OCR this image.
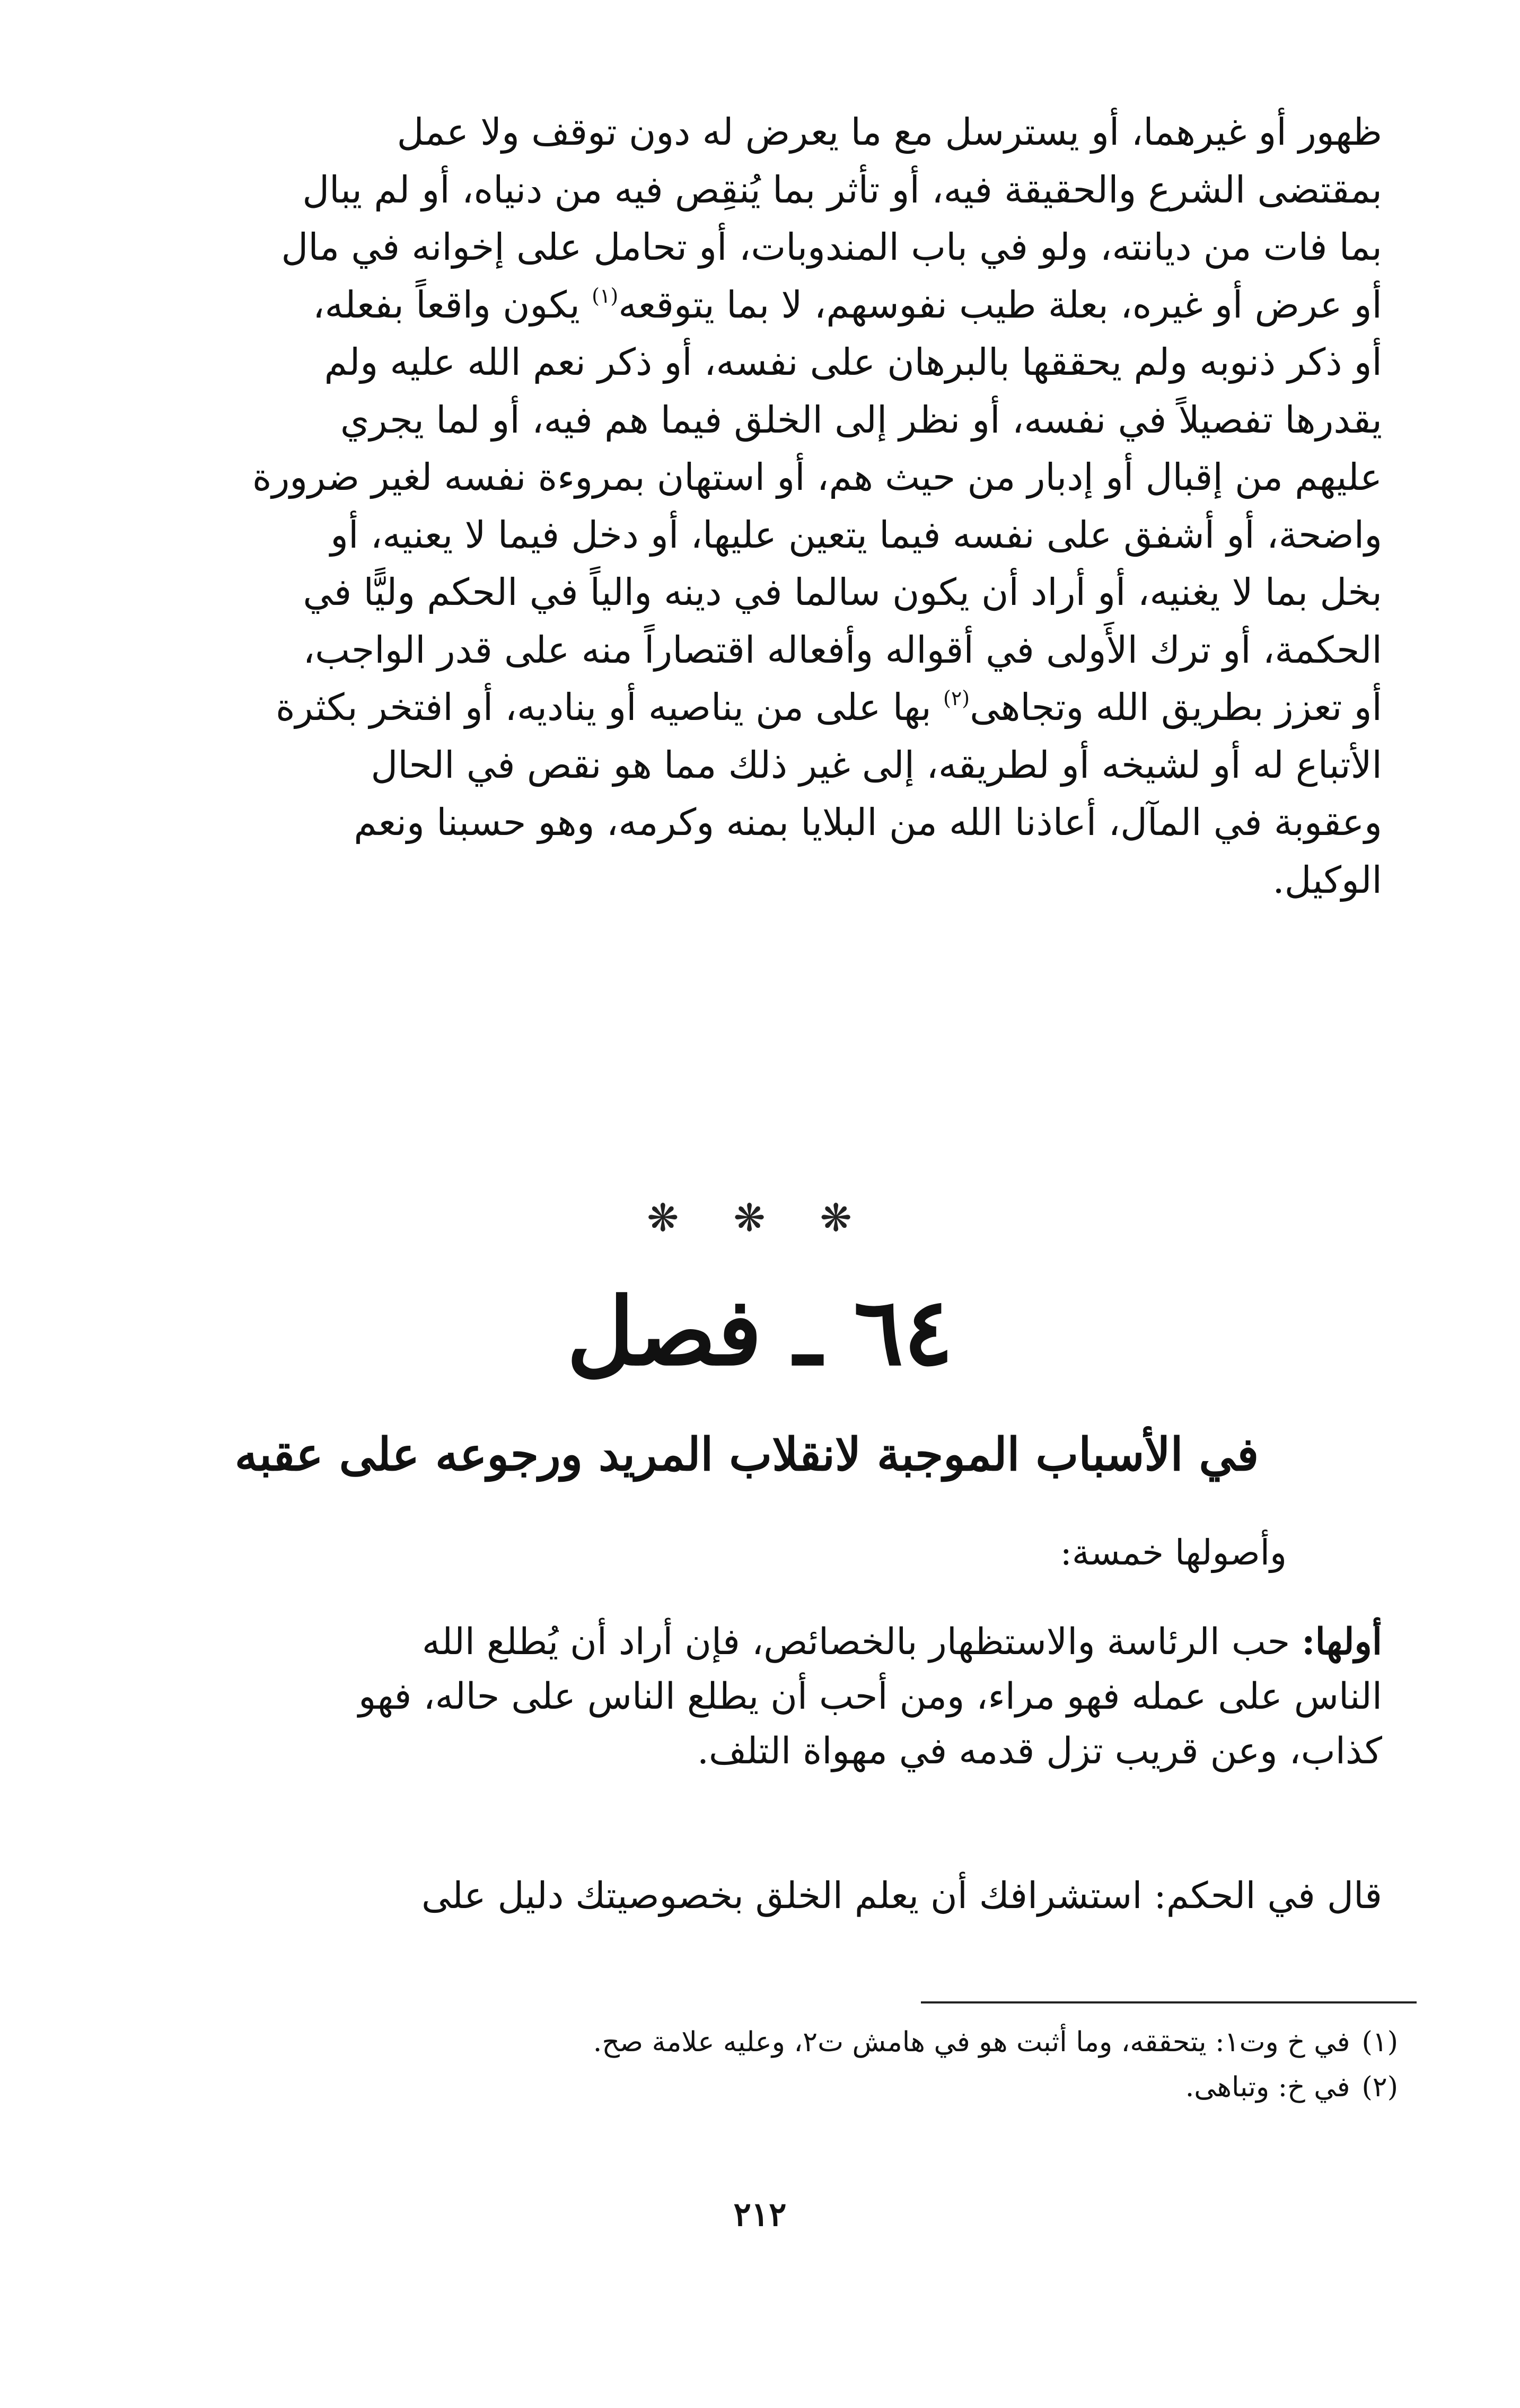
ظهور أو غيرهما، أو يسترسل مع ما يعرض له دون توقف ولا عمل
بمقتضى الشرع والحقيقة فيه، أو تأثر بما يُنقِص فيه من دنياه، أو لم يبال
بما فات من ديانته، ولو في باب المندوبات، أو تحامل على إخوانه في مال
أو عرض أو غيره، بعلة طيب نفوسهم، لا بما يتوقعه$^{(١)}$ يكون واقعاً بفعله،
أو ذكر ذنوبه ولم يحققها بالبرهان على نفسه، أو ذكر نعم الله عليه ولم
يقدرها تفصيلاً في نفسه، أو نظر إلى الخلق فيما هم فيه، أو لما يجري
عليهم من إقبال أو إدبار من حيث هم، أو استهان بمروءة نفسه لغير ضرورة
واضحة، أو أشفق على نفسه فيما يتعين عليها، أو دخل فيما لا يعنيه، أو
بخل بما لا يغنيه، أو أراد أن يكون سالما في دينه والياً في الحكم وليًّا في
الحكمة، أو ترك الأَولى في أقواله وأفعاله اقتصاراً منه على قدر الواجب،
أو تعزز بطريق الله وتجاهى$^{(٢)}$ بها على من يناصيه أو يناديه، أو افتخر بكثرة
الأتباع له أو لشيخه أو لطريقه، إلى غير ذلك مما هو نقص في الحال
وعقوبة في المآل، أعاذنا الله من البلايا بمنه وكرمه، وهو حسبنا ونعم
الوكيل.
❋ ❋ ❋
٦٤ ـ فصل
في الأسباب الموجبة لانقلاب المريد ورجوعه على عقبه
وأصولها خمسة:
أولها: حب الرئاسة والاستظهار بالخصائص، فإن أراد أن يُطلع الله
الناس على عمله فهو مراء، ومن أحب أن يطلع الناس على حاله، فهو
كذاب، وعن قريب تزل قدمه في مهواة التلف.
قال في الحكم: استشرافك أن يعلم الخلق بخصوصيتك دليل على
(١)في خ وت١: يتحققه، وما أثبت هو في هامش ت٢، وعليه علامة صح.
(٢)في خ: وتباهى.
٢١٢
